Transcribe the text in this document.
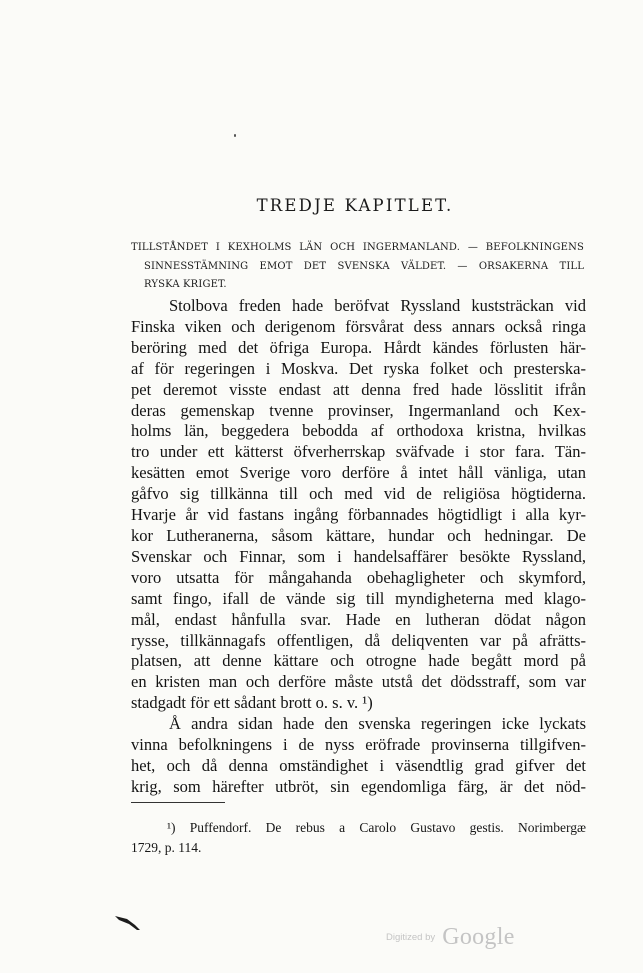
TREDJE KAPITLET.
TILLSTÅNDET I KEXHOLMS LÄN OCH INGERMANLAND. — BEFOLKNINGENS
SINNESSTÄMNING EMOT DET SVENSKA VÄLDET. — ORSAKERNA TILL
RYSKA KRIGET.
Stolbova freden hade beröfvat Ryssland kuststräckan vid
Finska viken och derigenom försvårat dess annars också ringa
beröring med det öfriga Europa. Hårdt kändes förlusten här-
af för regeringen i Moskva. Det ryska folket och presterska-
pet deremot visste endast att denna fred hade lösslitit ifrån
deras gemenskap tvenne provinser, Ingermanland och Kex-
holms län, beggedera bebodda af orthodoxa kristna, hvilkas
tro under ett kätterst öfverherrskap sväfvade i stor fara. Tän-
kesätten emot Sverige voro derföre å intet håll vänliga, utan
gåfvo sig tillkänna till och med vid de religiösa högtiderna.
Hvarje år vid fastans ingång förbannades högtidligt i alla kyr-
kor Lutheranerna, såsom kättare, hundar och hedningar. De
Svenskar och Finnar, som i handelsaffärer besökte Ryssland,
voro utsatta för mångahanda obehagligheter och skymford,
samt fingo, ifall de vände sig till myndigheterna med klago-
mål, endast hånfulla svar. Hade en lutheran dödat någon
rysse, tillkännagafs offentligen, då deliqventen var på afrätts-
platsen, att denne kättare och otrogne hade begått mord på
en kristen man och derföre måste utstå det dödsstraff, som var
stadgadt för ett sådant brott o. s. v. ¹)
Å andra sidan hade den svenska regeringen icke lyckats
vinna befolkningens i de nyss eröfrade provinserna tillgifven-
het, och då denna omständighet i väsendtlig grad gifver det
krig, som härefter utbröt, sin egendomliga färg, är det nöd-
¹) Puffendorf. De rebus a Carolo Gustavo gestis. Norimbergæ
1729, p. 114.
Digitized by Google
